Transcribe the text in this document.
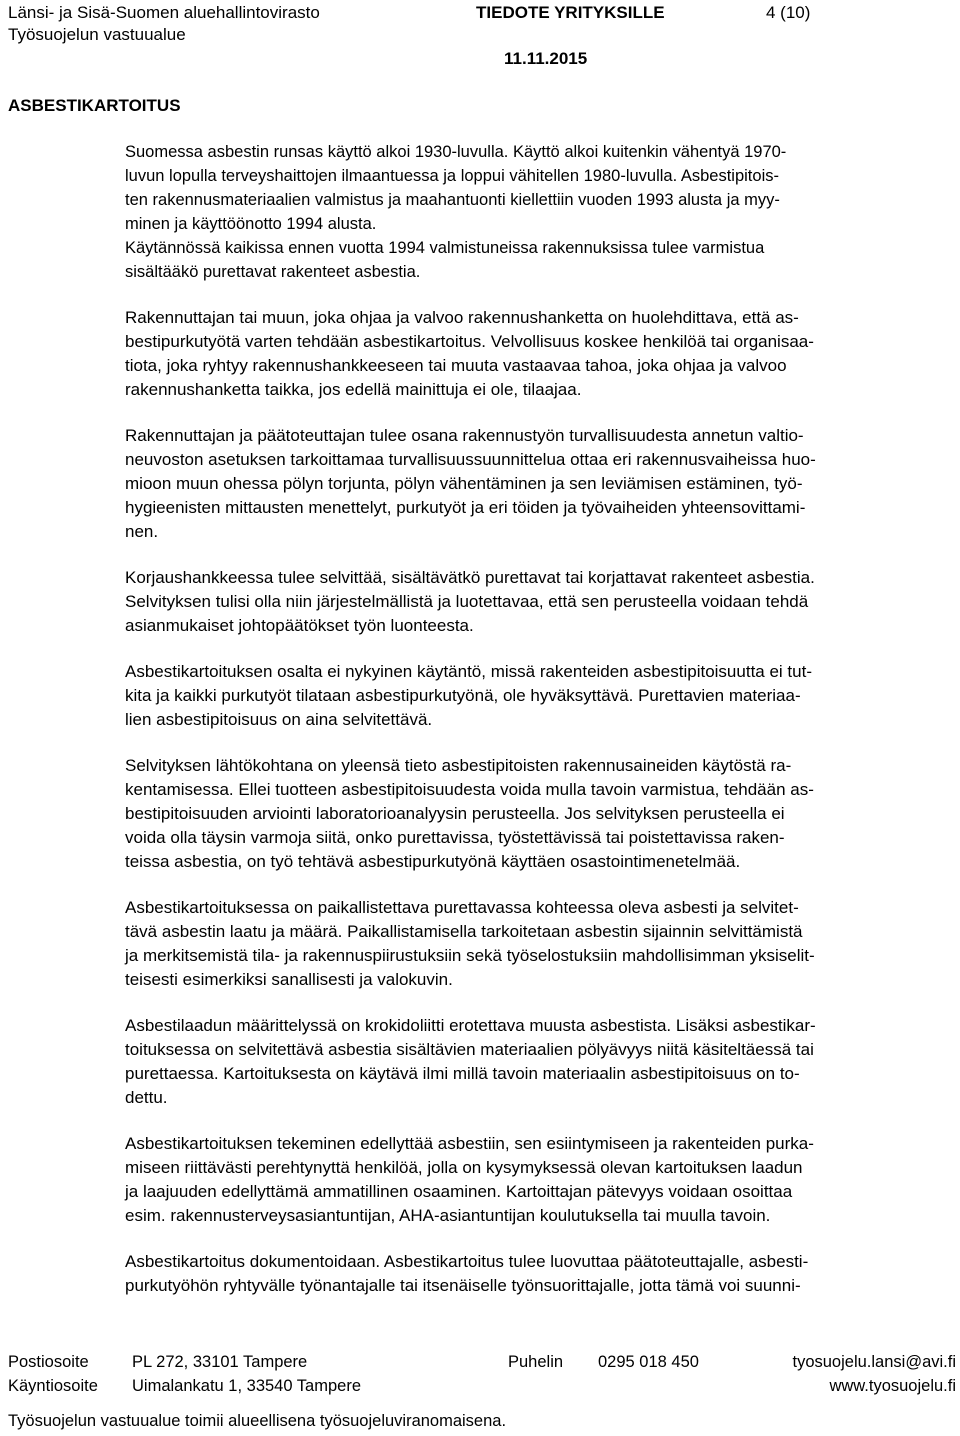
Länsi- ja Sisä-Suomen aluehallintovirasto
Työsuojelun vastuualue
TIEDOTE YRITYKSILLE	4 (10)
11.11.2015
ASBESTIKARTOITUS

Suomessa asbestin runsas käyttö alkoi 1930-luvulla. Käyttö alkoi kuitenkin vähentyä 1970-
luvun lopulla terveyshaittojen ilmaantuessa ja loppui vähitellen 1980-luvulla. Asbestipitois-
ten rakennusmateriaalien valmistus ja maahantuonti kiellettiin vuoden 1993 alusta ja myy-
minen ja käyttöönotto 1994 alusta.

Käytännössä kaikissa ennen vuotta 1994 valmistuneissa rakennuksissa tulee varmistua
sisältääkö purettavat rakenteet asbestia.

Rakennuttajan tai muun, joka ohjaa ja valvoo rakennushanketta on huolehdittava, että as-
bestipurkutyötä varten tehdään asbestikartoitus. Velvollisuus koskee henkilöä tai organisaa-
tiota, joka ryhtyy rakennushankkeeseen tai muuta vastaavaa tahoa, joka ohjaa ja valvoo
rakennushanketta taikka, jos edellä mainittuja ei ole, tilaajaa.

Rakennuttajan ja päätoteuttajan tulee osana rakennustyön turvallisuudesta annetun valtio-
neuvoston asetuksen tarkoittamaa turvallisuussuunnittelua ottaa eri rakennusvaiheissa huo-
mioon muun ohessa pölyn torjunta, pölyn vähentäminen ja sen leviämisen estäminen, työ-
hygieenisten mittausten menettelyt, purkutyöt ja eri töiden ja työvaiheiden yhteensovittami-
nen.

Korjaushankkeessa tulee selvittää, sisältävätkö purettavat tai korjattavat rakenteet asbestia.
Selvityksen tulisi olla niin järjestelmällistä ja luotettavaa, että sen perusteella voidaan tehdä
asianmukaiset johtopäätökset työn luonteesta.

Asbestikartoituksen osalta ei nykyinen käytäntö, missä rakenteiden asbestipitoisuutta ei tut-
kita ja kaikki purkutyöt tilataan asbestipurkutyönä, ole hyväksyttävä. Purettavien materiaa-
lien asbestipitoisuus on aina selvitettävä.

Selvityksen lähtökohtana on yleensä tieto asbestipitoisten rakennusaineiden käytöstä ra-
kentamisessa. Ellei tuotteen asbestipitoisuudesta voida mulla tavoin varmistua, tehdään as-
bestipitoisuuden arviointi laboratorioanalyysin perusteella. Jos selvityksen perusteella ei
voida olla täysin varmoja siitä, onko purettavissa, työstettävissä tai poistettavissa raken-
teissa asbestia, on työ tehtävä asbestipurkutyönä käyttäen osastointimenetelmää.

Asbestikartoituksessa on paikallistettava purettavassa kohteessa oleva asbesti ja selvitet-
tävä asbestin laatu ja määrä. Paikallistamisella tarkoitetaan asbestin sijainnin selvittämistä
ja merkitsemistä tila- ja rakennuspiirustuksiin sekä työselostuksiin mahdollisimman yksiselit-
teisesti esimerkiksi sanallisesti ja valokuvin.

Asbestilaadun määrittelyssä on krokidoliitti erotettava muusta asbestista. Lisäksi asbestikar-
toituksessa on selvitettävä asbestia sisältävien materiaalien pölyävyys niitä käsiteltäessä tai
purettaessa. Kartoituksesta on käytävä ilmi millä tavoin materiaalin asbestipitoisuus on to-
dettu.

Asbestikartoituksen tekeminen edellyttää asbestiin, sen esiintymiseen ja rakenteiden purka-
miseen riittävästi perehtynyttä henkilöä, jolla on kysymyksessä olevan kartoituksen laadun
ja laajuuden edellyttämä ammatillinen osaaminen. Kartoittajan pätevyys voidaan osoittaa
esim. rakennusterveysasiantuntijan, AHA-asiantuntijan koulutuksella tai muulla tavoin.

Asbestikartoitus dokumentoidaan. Asbestikartoitus tulee luovuttaa päätoteuttajalle, asbesti-
purkutyöhön ryhtyvälle työnantajalle tai itsenäiselle työnsuorittajalle, jotta tämä voi suunni-

Postiosoite	PL 272, 33101 Tampere	Puhelin 0295 018 450	tyosuojelu.lansi@avi.fi
Käyntiosoite Uimalankatu 1, 33540 Tampere	www.tyosuojelu.fi
Työsuojelun vastuualue toimii alueellisena työsuojeluviranomaisena.
